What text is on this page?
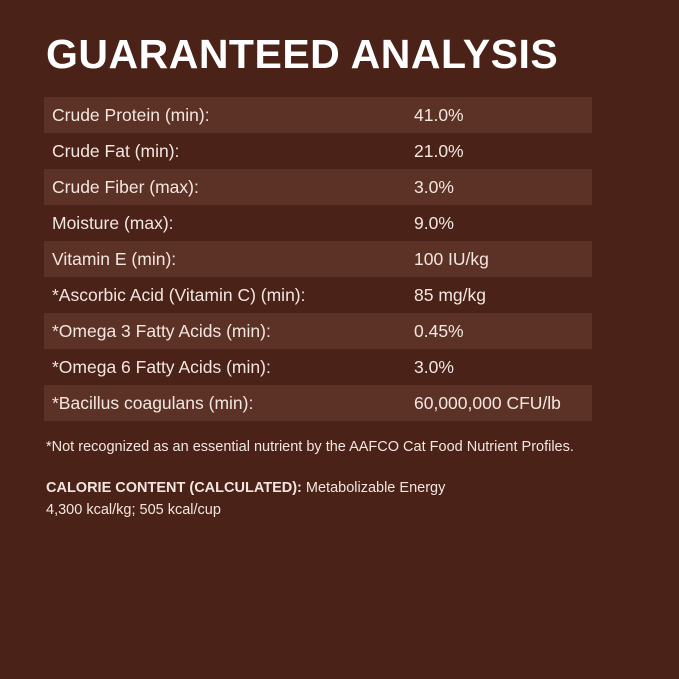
GUARANTEED ANALYSIS
Crude Protein (min):	41.0%
Crude Fat (min):	21.0%
Crude Fiber (max):	3.0%
Moisture (max):	9.0%
Vitamin E (min):	100 IU/kg
*Ascorbic Acid (Vitamin C) (min):	85 mg/kg
*Omega 3 Fatty Acids (min):	0.45%
*Omega 6 Fatty Acids (min):	3.0%
*Bacillus coagulans (min):	60,000,000 CFU/lb
*Not recognized as an essential nutrient by the AAFCO Cat Food Nutrient Profiles.
CALORIE CONTENT (CALCULATED): Metabolizable Energy
4,300 kcal/kg; 505 kcal/cup
